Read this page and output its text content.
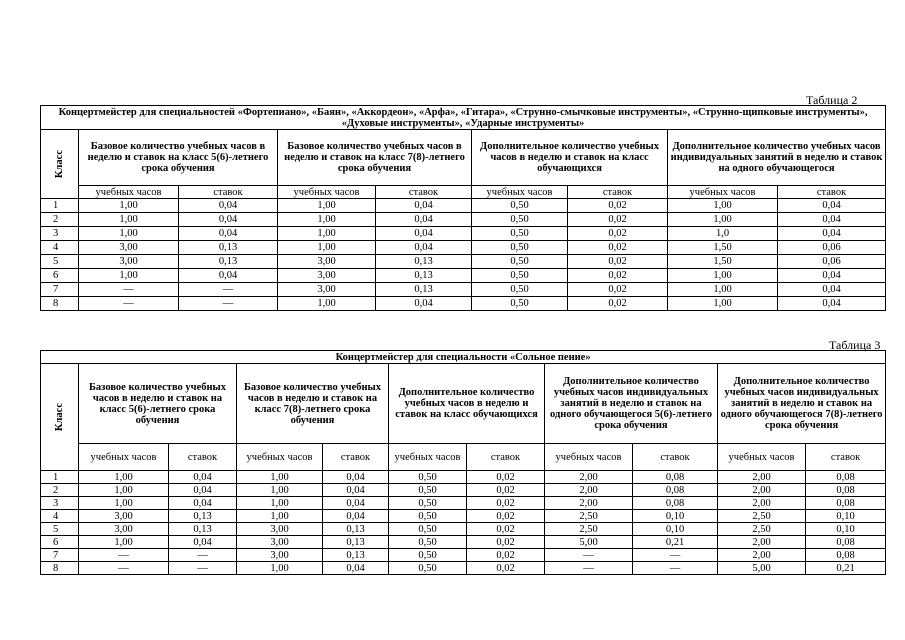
Таблица 2
Концертмейстер для специальностей «Фортепиано», «Баян», «Аккордеон», «Арфа», «Гитара», «Струнно-смычковые инструменты», «Струнно-щипковые инструменты», «Духовые инструменты», «Ударные инструменты»								

Класс	Базовое количество учебных часов в неделю и ставок на класс 5(6)-летнего срока обучения		Базовое количество учебных часов в неделю и ставок на класс 7(8)-летнего срока обучения		Дополнительное количество учебных часов в неделю и ставок на класс обучающихся		Дополнительное количество учебных часов индивидуальных занятий в неделю и ставок на одного обучающегося	
	учебных часов	ставок	учебных часов	ставок	учебных часов	ставок	учебных часов	ставок
1	1,00	0,04	1,00	0,04	0,50	0,02	1,00	0,04
2	1,00	0,04	1,00	0,04	0,50	0,02	1,00	0,04
3	1,00	0,04	1,00	0,04	0,50	0,02	1,0	0,04
4	3,00	0,13	1,00	0,04	0,50	0,02	1,50	0,06
5	3,00	0,13	3,00	0,13	0,50	0,02	1,50	0,06
6	1,00	0,04	3,00	0,13	0,50	0,02	1,00	0,04
7	—	—	3,00	0,13	0,50	0,02	1,00	0,04
8	—	—	1,00	0,04	0,50	0,02	1,00	0,04
Таблица 3
Концертмейстер для специальности «Сольное пение»										

Класс	Базовое количество учебных часов в неделю и ставок на класс 5(6)-летнего срока обучения		Базовое количество учебных часов в неделю и ставок на класс 7(8)-летнего срока обучения		Дополнительное количество учебных часов в неделю и ставок на класс обучающихся		Дополнительное количество учебных часов индивидуальных занятий в неделю и ставок на одного обучающегося 5(6)-летнего срока обучения		Дополнительное количество учебных часов индивидуальных занятий в неделю и ставок на одного обучающегося 7(8)-летнего срока обучения	
	учебных часов	ставок	учебных часов	ставок	учебных часов	ставок	учебных часов	ставок	учебных часов	ставок
1	1,00	0,04	1,00	0,04	0,50	0,02	2,00	0,08	2,00	0,08
2	1,00	0,04	1,00	0,04	0,50	0,02	2,00	0,08	2,00	0,08
3	1,00	0,04	1,00	0,04	0,50	0,02	2,00	0,08	2,00	0,08
4	3,00	0,13	1,00	0,04	0,50	0,02	2,50	0,10	2,50	0,10
5	3,00	0,13	3,00	0,13	0,50	0,02	2,50	0,10	2,50	0,10
6	1,00	0,04	3,00	0,13	0,50	0,02	5,00	0,21	2,00	0,08
7	—	—	3,00	0,13	0,50	0,02	—	—	2,00	0,08
8	—	—	1,00	0,04	0,50	0,02	—	—	5,00	0,21
